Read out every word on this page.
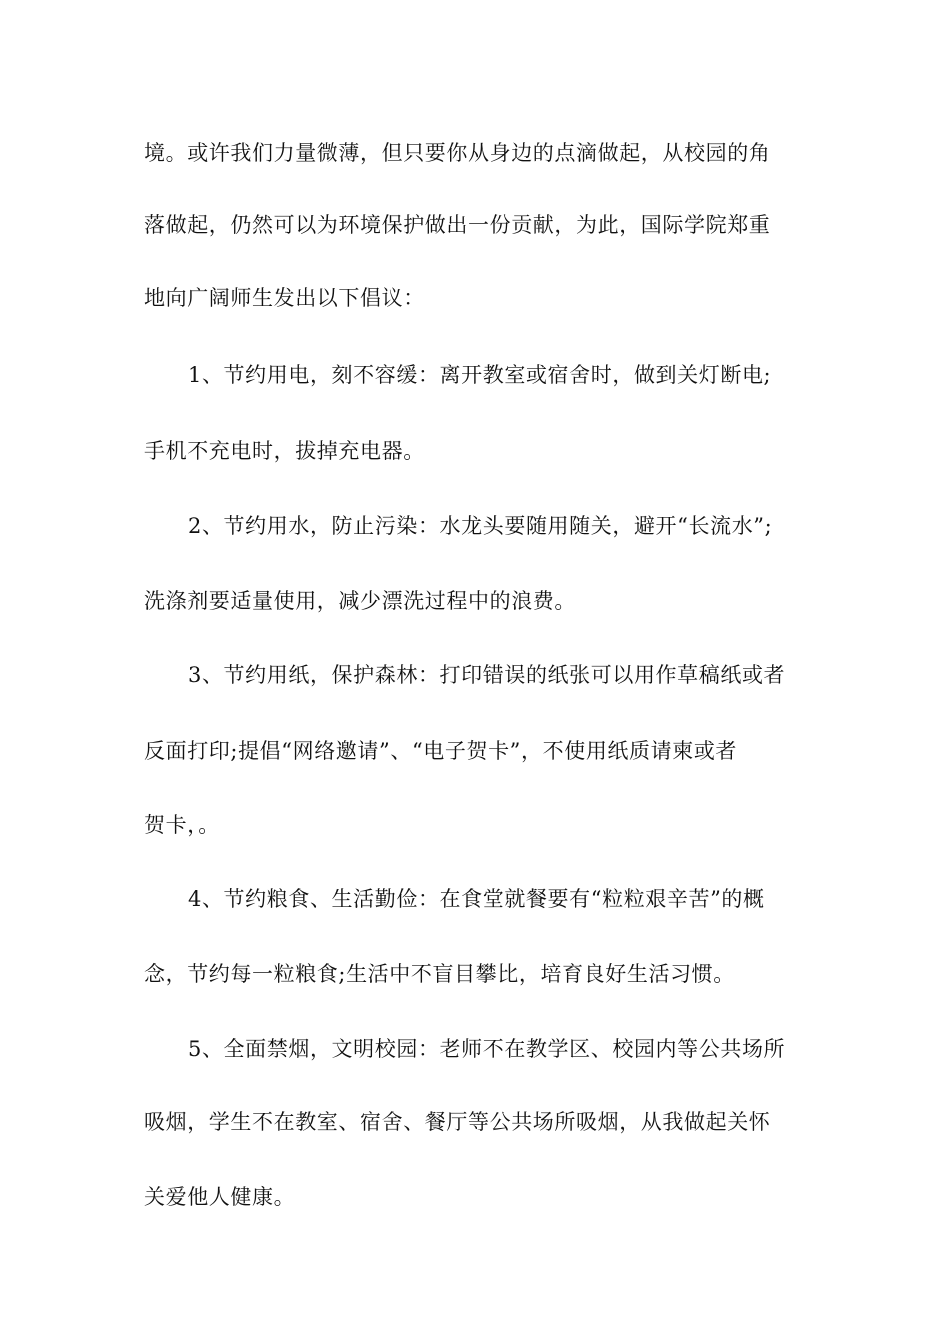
境。或许我们力量微薄，但只要你从身边的点滴做起，从校园的角
落做起，仍然可以为环境保护做出一份贡献，为此，国际学院郑重
地向广阔师生发出以下倡议：
1、节约用电，刻不容缓：离开教室或宿舍时，做到关灯断电;
手机不充电时，拔掉充电器。
2、节约用水，防止污染：水龙头要随用随关，避开“长流水”;
洗涤剂要适量使用，减少漂洗过程中的浪费。
3、节约用纸，保护森林：打印错误的纸张可以用作草稿纸或者
反面打印;提倡“网络邀请”、“电子贺卡”，不使用纸质请柬或者
贺卡，。
4、节约粮食、生活勤俭：在食堂就餐要有“粒粒艰辛苦”的概
念，节约每一粒粮食;生活中不盲目攀比，培育良好生活习惯。
5、全面禁烟，文明校园：老师不在教学区、校园内等公共场所
吸烟，学生不在教室、宿舍、餐厅等公共场所吸烟，从我做起关怀
关爱他人健康。
